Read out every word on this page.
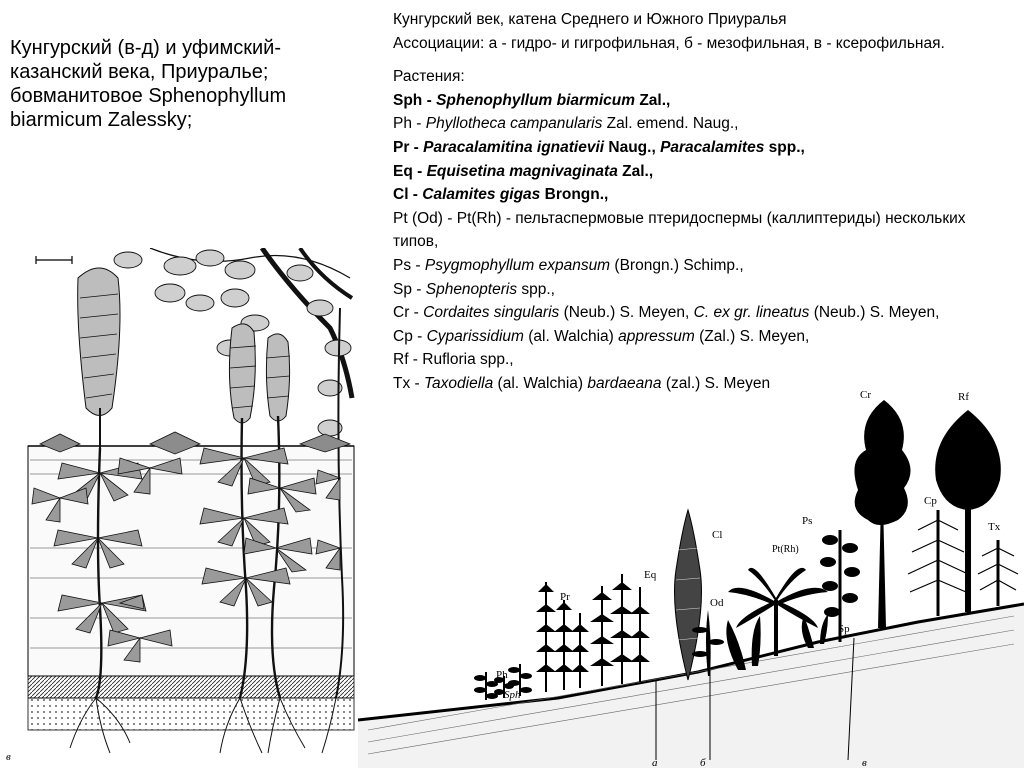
Кунгурский (в-д) и уфимский-казанский века, Приуралье; бовманитовое Sphenophyllum biarmicum Zalessky;

Кунгурский век, катена Среднего и Южного Приуралья

Ассоциации: а - гидро- и гигрофильная, б - мезофильная, в - ксерофильная.

Растения:

Sph - Sphenophyllum biarmicum Zal.,

Ph - Phyllotheca campanularis Zal. emend. Naug.,

Pr - Paracalamitina ignatievii Naug., Paracalamites spp.,

Eq - Equisetina magnivaginata Zal.,

Cl - Calamites gigas Brongn.,

Pt (Od) - Pt(Rh) - пельтаспермовые птеридоспермы (каллиптериды) нескольких типов,

Ps - Psygmophyllum expansum (Brongn.) Schimp.,

Sp - Sphenopteris spp.,

Cr - Cordaites singularis (Neub.) S. Meyen, C. ex gr. lineatus (Neub.) S. Meyen,

Cp - Cyparissidium (al. Walchia) appressum (Zal.) S. Meyen,

Rf - Rufloria spp.,

Tx - Taxodiella (al. Walchia) bardaeana (zal.) S. Meyen

в
Cr	Rf
Cp
Tx
Ps
Pt(Rh)
Cl
Eq
Pr	Od
Sp
Ph
Sph
а	б	в
